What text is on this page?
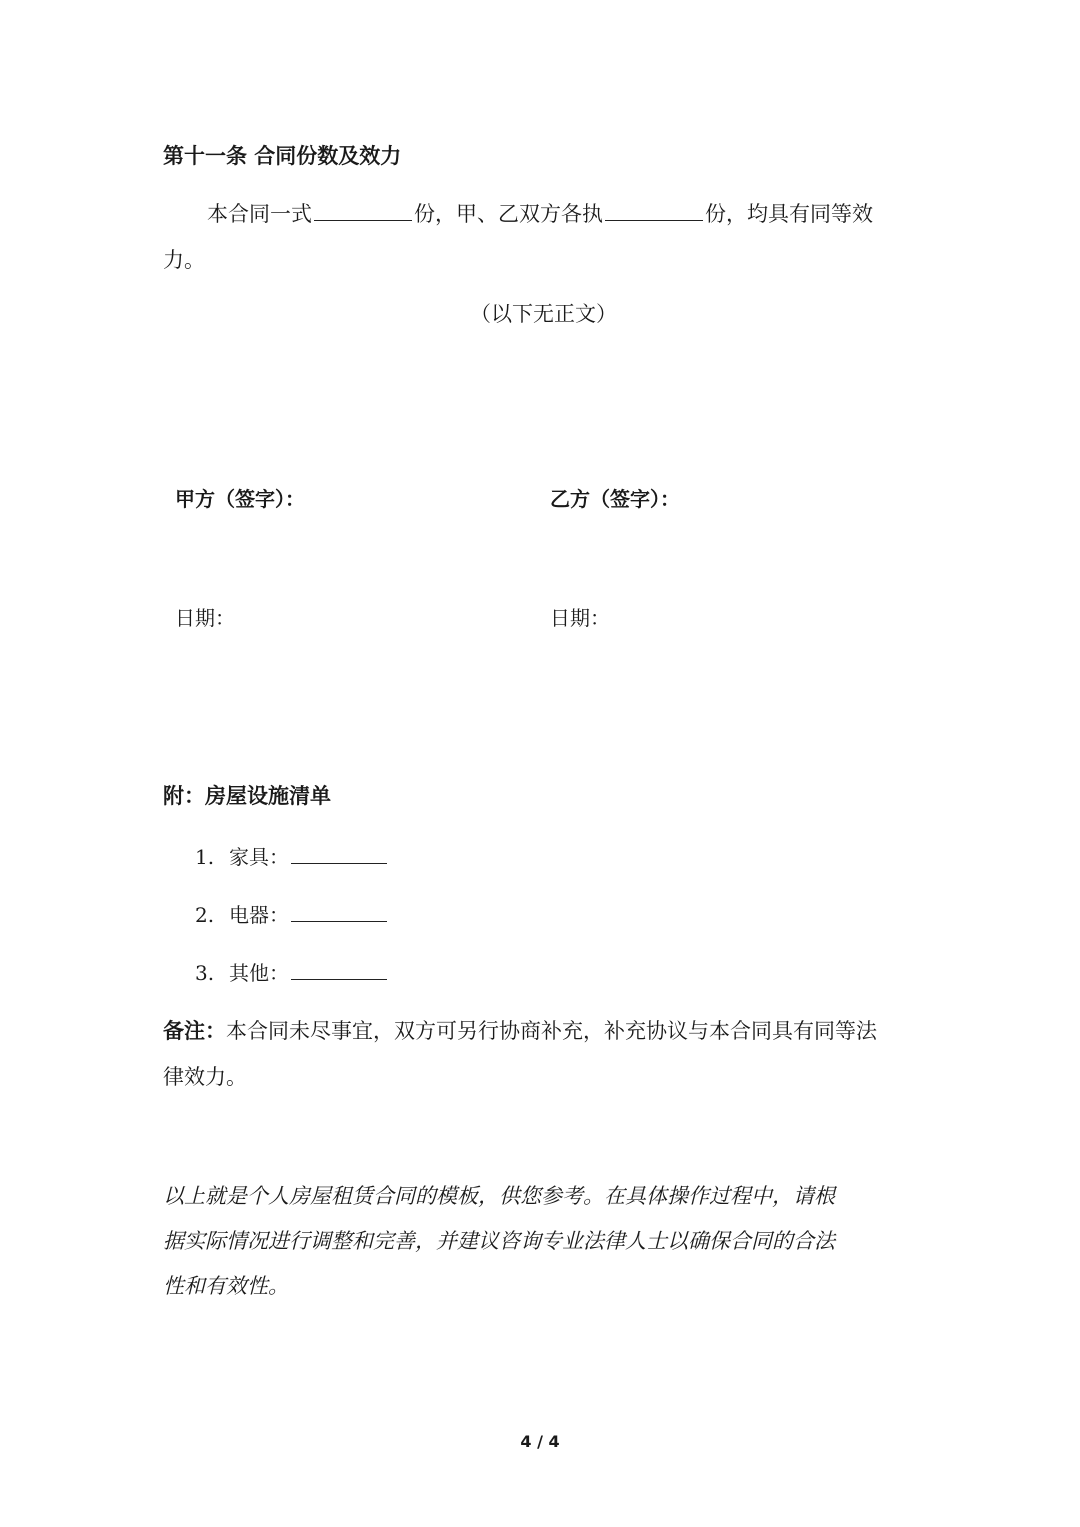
第十一条 合同份数及效力
本合同一式	份，甲、乙双方各执	份，均具有同等效
力。
（以下无正文）
甲方（签字）：	乙方（签字）：
日期：	日期：
附：房屋设施清单
1. 家具：
2. 电器：
3. 其他：
备注：本合同未尽事宜，双方可另行协商补充，补充协议与本合同具有同等法
律效力。
以上就是个人房屋租赁合同的模板，供您参考。在具体操作过程中，请根
据实际情况进行调整和完善，并建议咨询专业法律人士以确保合同的合法
性和有效性。
4 / 4
